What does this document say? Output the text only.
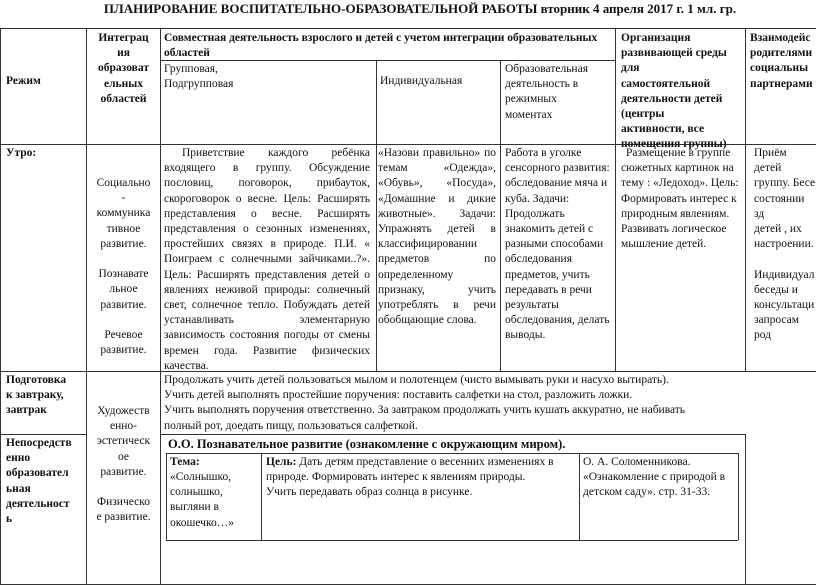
ПЛАНИРОВАНИЕ ВОСПИТАТЕЛЬНО-ОБРАЗОВАТЕЛЬНОЙ РАБОТЫ вторник 4 апреля 2017 г. 1 мл. гр.
Режим
Интеграц
ия
образоват
ельных
областей
Совместная деятельность взрослого и детей с учетом интеграции образовательных областей
Групповая,
Подгрупповая	Индивидуальная
Образовательная
деятельность в
режимных
моментах
Организация
развивающей среды
для
самостоятельной
деятельности детей
(центры
активности, все
помещения группы)
Взаимодейс
родителями
социальны
партнерами
Утро:
Социально
-
коммуника
тивное
развитие.

Познавате
льное
развитие.

Речевое
развитие.

Художеств
енно-
эстетическ
ое
развитие.

Физическо
е развитие.
Приветствие каждого ребёнка входящего в группу. Обсуждение пословиц, поговорок, прибауток, скороговорок о весне. Цель: Расширять представления о весне. Расширять представления о сезонных изменениях, простейших связях в природе. П.И. « Поиграем с солнечными зайчиками..?». Цель: Расширять представления детей о явлениях неживой природы: солнечный свет, солнечное тепло. Побуждать детей устанавливать элементарную зависимость состояния погоды от смены времен года. Развитие физических качества.
«Назови правильно» по темам «Одежда», «Обувь», «Посуда», «Домашние и дикие животные». Задачи: Упражнять детей в классифицировании предметов по определенному признаку, учить употреблять в речи обобщающие слова.
Работа в уголке сенсорного развития: обследование мяча и куба. Задачи: Продолжать знакомить детей с разными способами обследования предметов, учить передавать в речи результаты обследования, делать выводы.
Размещение в группе сюжетных картинок на тему : «Ледоход». Цель: Формировать интерес к природным явлениям. Развивать логическое мышление детей.
Приём детей
группу. Бесе
состоянии зд
детей , их
настроении.

Индивидуал
беседы и
консультаци
запросам род
Подготовка
к завтраку,
завтрак
Продолжать учить детей пользоваться мылом и полотенцем (чисто вымывать руки и насухо вытирать).
Учить детей выполнять простейшие поручения: поставить салфетки на стол, разложить ложки.
Учить выполнять поручения ответственно. За завтраком продолжать учить кушать аккуратно, не набивать
полный рот, доедать пищу, пользоваться салфеткой.
Непосредств
енно
образовател
ьная
деятельност
ь
О.О. Познавательное развитие (ознакомление с окружающим миром).
Тема:
«Солнышко,
солнышко,
выгляни в
окошечко…»
Цель: Дать детям представление о весенних изменениях в природе. Формировать интерес к явлениям природы.
Учить передавать образ солнца в рисунке.
О. А. Соломенникова.
«Ознакомление с природой в детском саду». стр. 31-33.
